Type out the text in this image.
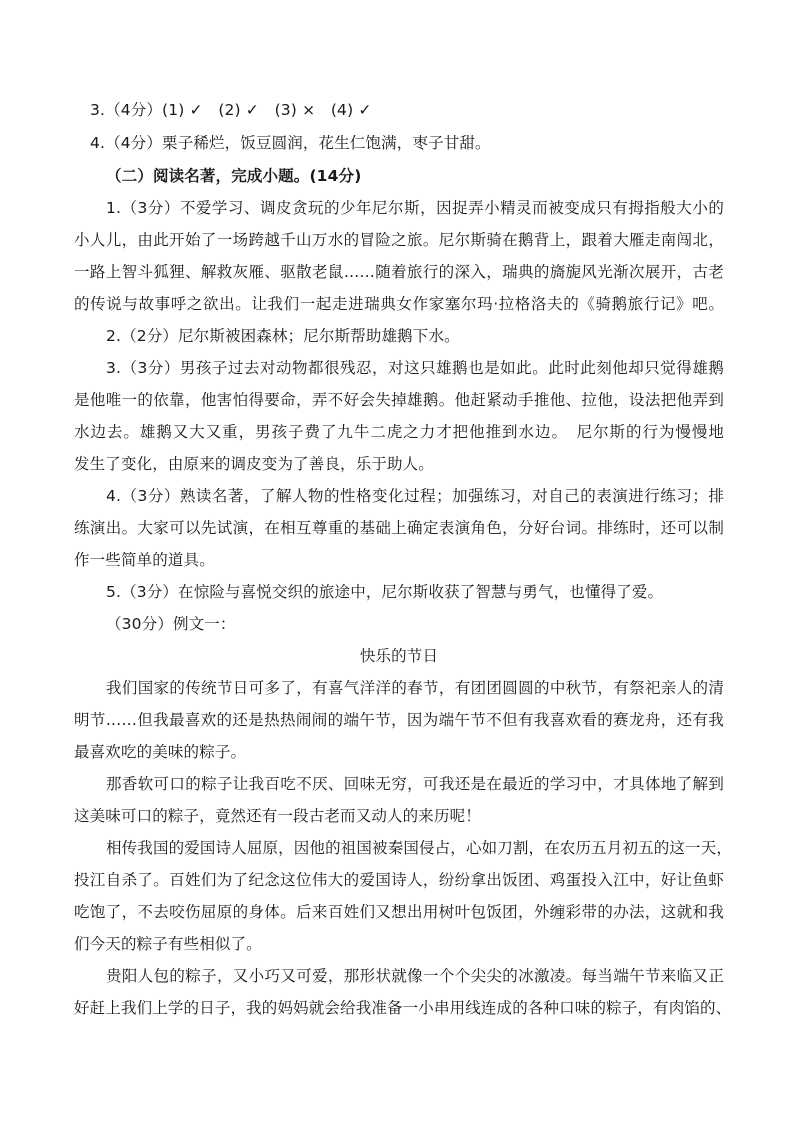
3.（4分）(1) ✓　(2) ✓　(3) ×　(4) ✓
4.（4分）栗子稀烂，饭豆圆润，花生仁饱满，枣子甘甜。
（二）阅读名著，完成小题。(14分)
1.（3分）不爱学习、调皮贪玩的少年尼尔斯，因捉弄小精灵而被变成只有拇指般大小的
小人儿，由此开始了一场跨越千山万水的冒险之旅。尼尔斯骑在鹅背上，跟着大雁走南闯北，
一路上智斗狐狸、解救灰雁、驱散老鼠……随着旅行的深入，瑞典的旖旎风光渐次展开，古老
的传说与故事呼之欲出。让我们一起走进瑞典女作家塞尔玛·拉格洛夫的《骑鹅旅行记》吧。
2.（2分）尼尔斯被困森林；尼尔斯帮助雄鹅下水。
3.（3分）男孩子过去对动物都很残忍，对这只雄鹅也是如此。此时此刻他却只觉得雄鹅
是他唯一的依靠，他害怕得要命，弄不好会失掉雄鹅。他赶紧动手推他、拉他，设法把他弄到
水边去。雄鹅又大又重，男孩子费了九牛二虎之力才把他推到水边。　尼尔斯的行为慢慢地
发生了变化，由原来的调皮变为了善良，乐于助人。
4.（3分）熟读名著，了解人物的性格变化过程；加强练习，对自己的表演进行练习；排
练演出。大家可以先试演，在相互尊重的基础上确定表演角色，分好台词。排练时，还可以制
作一些简单的道具。
5.（3分）在惊险与喜悦交织的旅途中，尼尔斯收获了智慧与勇气，也懂得了爱。
（30分）例文一：
快乐的节日
我们国家的传统节日可多了，有喜气洋洋的春节，有团团圆圆的中秋节，有祭祀亲人的清
明节……但我最喜欢的还是热热闹闹的端午节，因为端午节不但有我喜欢看的赛龙舟，还有我
最喜欢吃的美味的粽子。
那香软可口的粽子让我百吃不厌、回味无穷，可我还是在最近的学习中，才具体地了解到
这美味可口的粽子，竟然还有一段古老而又动人的来历呢！
相传我国的爱国诗人屈原，因他的祖国被秦国侵占，心如刀割，在农历五月初五的这一天，
投江自杀了。百姓们为了纪念这位伟大的爱国诗人，纷纷拿出饭团、鸡蛋投入江中，好让鱼虾
吃饱了，不去咬伤屈原的身体。后来百姓们又想出用树叶包饭团，外缠彩带的办法，这就和我
们今天的粽子有些相似了。
贵阳人包的粽子，又小巧又可爱，那形状就像一个个尖尖的冰激凌。每当端午节来临又正
好赶上我们上学的日子，我的妈妈就会给我准备一小串用线连成的各种口味的粽子，有肉馅的、
